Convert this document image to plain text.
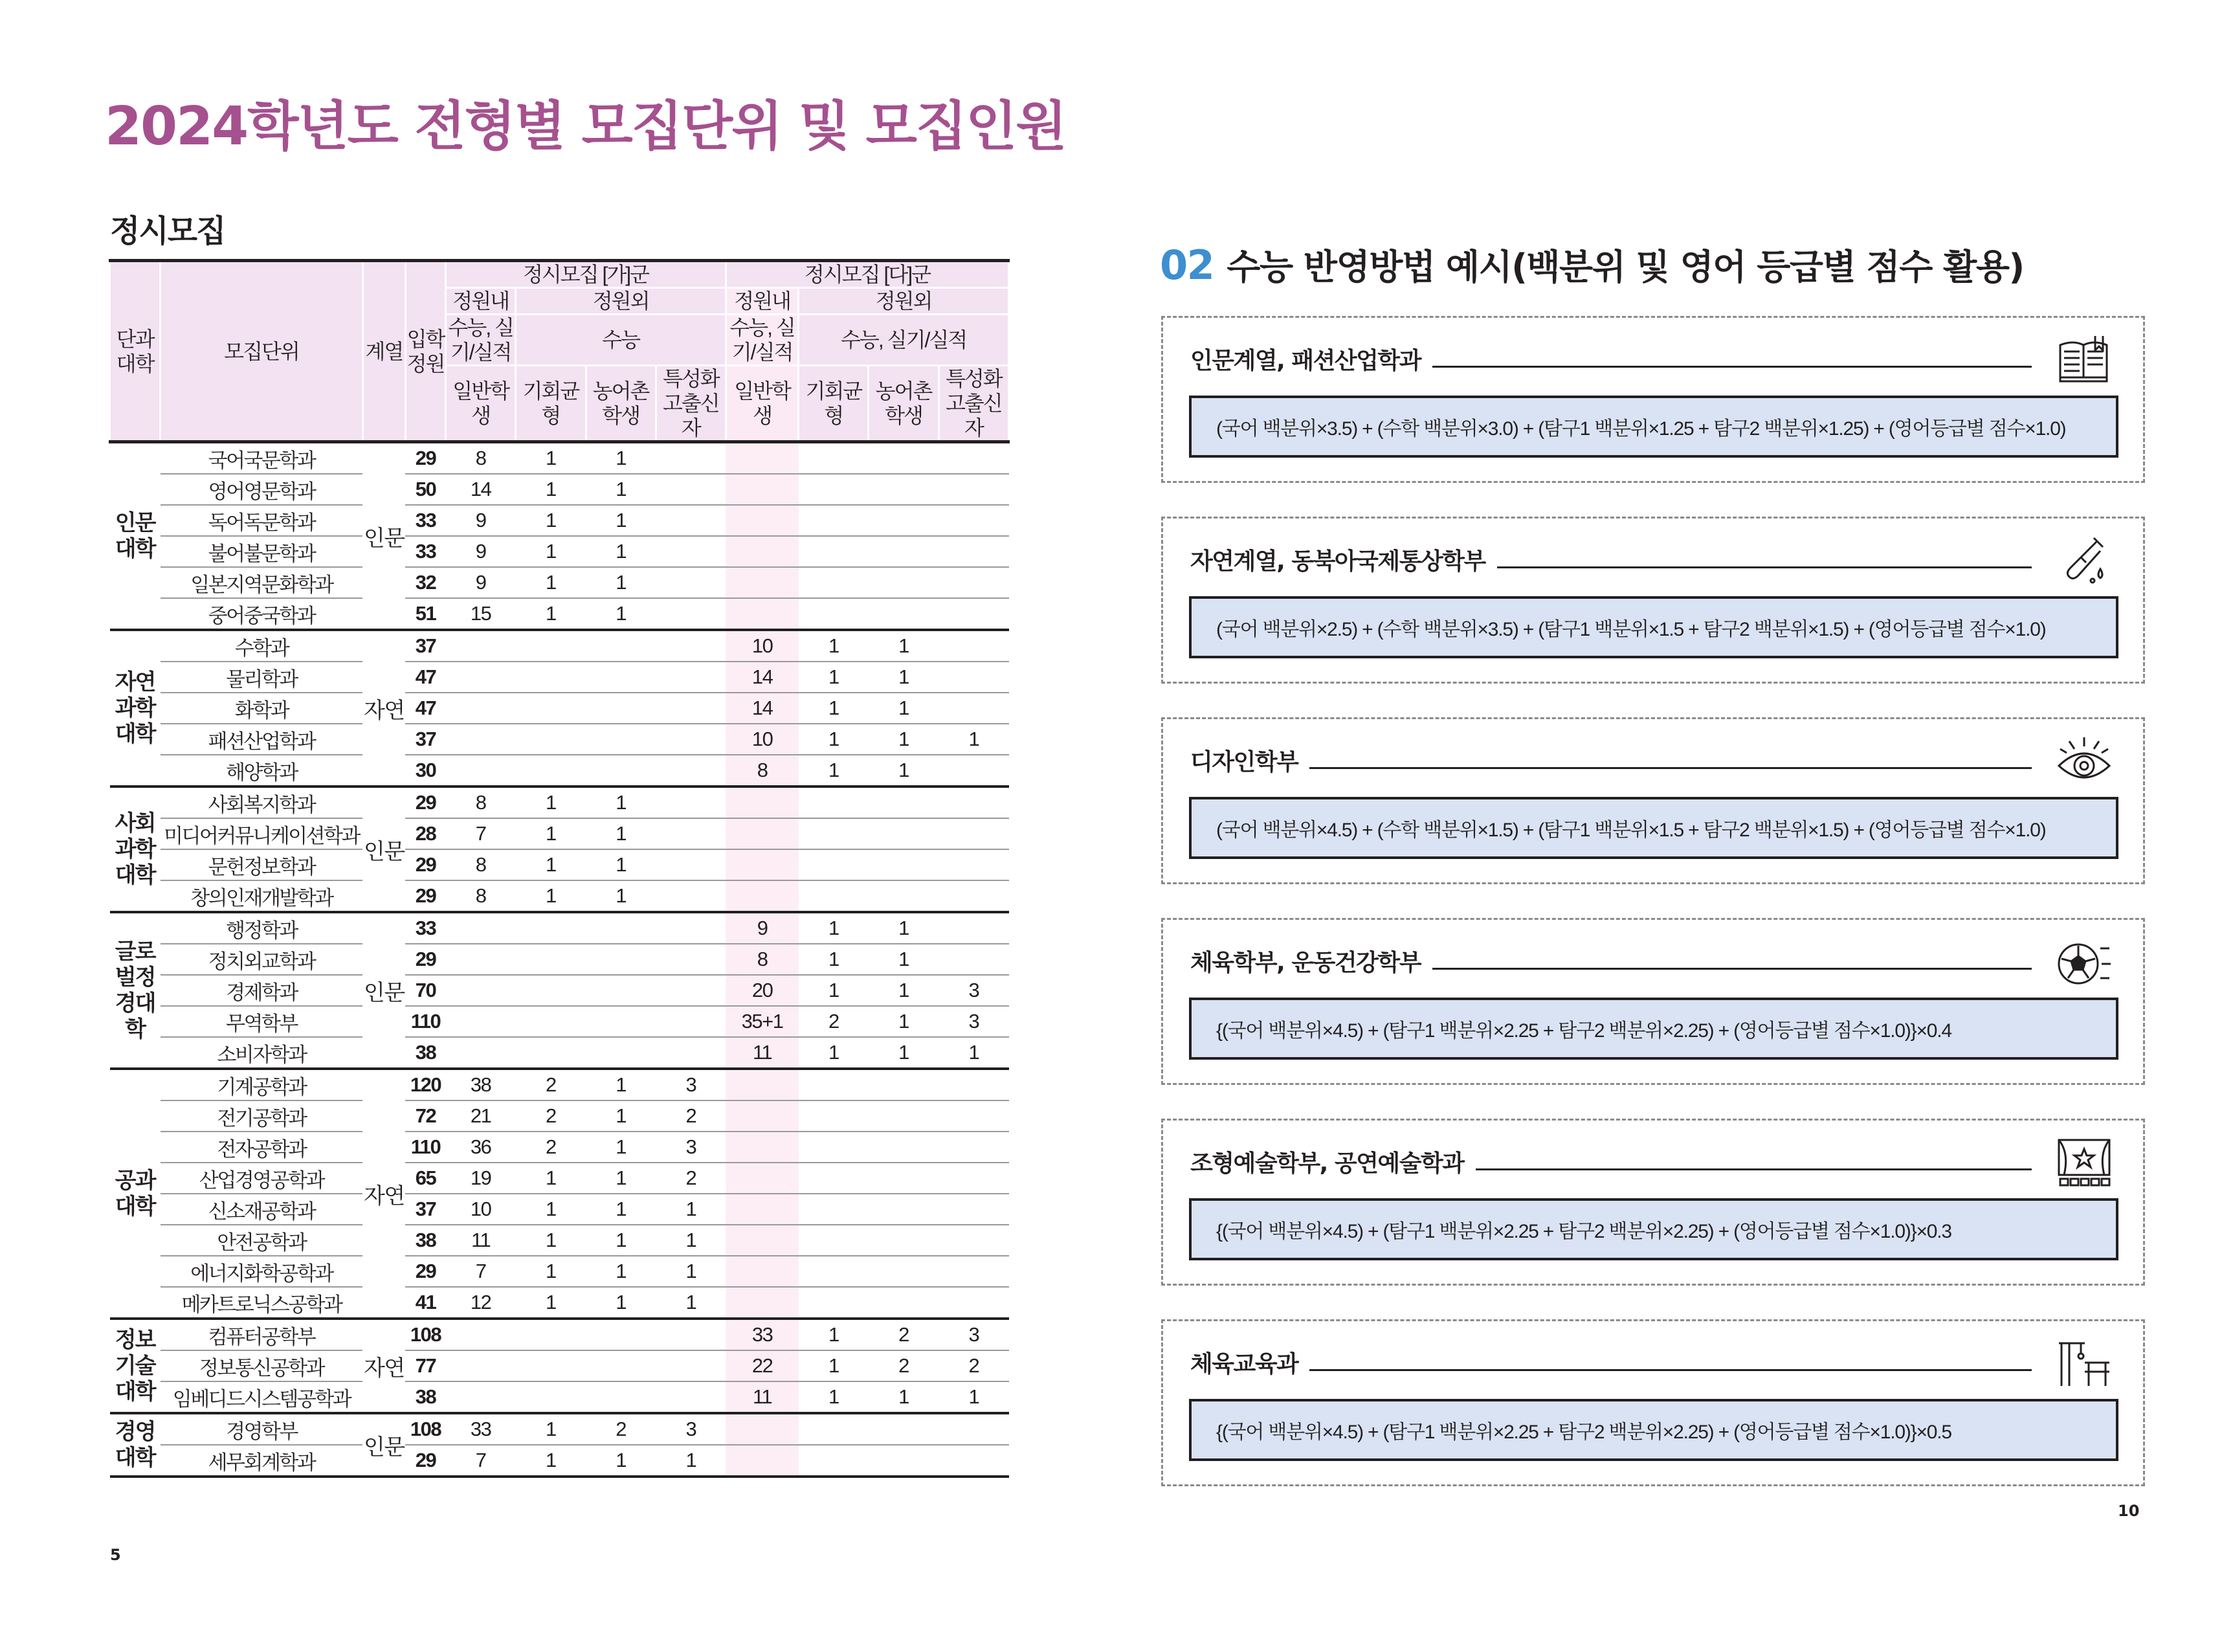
2024학년도 전형별 모집단위 및 모집인원
정시모집
단과대학	모집단위	계열	입학정원	정시모집 [가]군				정시모집 [다]군			
				정원내	정원외			정원내	정원외		
				수능, 실기/실적	수능			수능, 실기/실적	수능, 실기/실적		
				일반학생	기회균형	농어촌학생	특성화고출신자	일반학생	기회균형	농어촌학생	특성화고출신자
인문대학	국어국문학과	인문	29	8	1	1					
	영어영문학과		50	14	1	1					
	독어독문학과		33	9	1	1					
	불어불문학과		33	9	1	1					
	일본지역문화학과		32	9	1	1					
	중어중국학과		51	15	1	1					
자연과학대학	수학과	자연	37					10	1	1	
	물리학과		47					14	1	1	
	화학과		47					14	1	1	
	패션산업학과		37					10	1	1	1
	해양학과		30					8	1	1	
사회과학대학	사회복지학과	인문	29	8	1	1					
	미디어커뮤니케이션학과		28	7	1	1					
	문헌정보학과		29	8	1	1					
	창의인재개발학과		29	8	1	1					
글로벌정경대학	행정학과	인문	33					9	1	1	
	정치외교학과		29					8	1	1	
	경제학과		70					20	1	1	3
	무역학부		110					35+1	2	1	3
	소비자학과		38					11	1	1	1
공과대학	기계공학과	자연	120	38	2	1	3				
	전기공학과		72	21	2	1	2				
	전자공학과		110	36	2	1	3				
	산업경영공학과		65	19	1	1	2				
	신소재공학과		37	10	1	1	1				
	안전공학과		38	11	1	1	1				
	에너지화학공학과		29	7	1	1	1				
	메카트로닉스공학과		41	12	1	1	1				
정보기술대학	컴퓨터공학부	자연	108					33	1	2	3
	정보통신공학과		77					22	1	2	2
	임베디드시스템공학과		38					11	1	1	1
경영대학	경영학부	인문	108	33	1	2	3				
	세무회계학과		29	7	1	1	1				

5

02 수능 반영방법 예시(백분위 및 영어 등급별 점수 활용)
인문계열, 패션산업학과
(국어 백분위×3.5) + (수학 백분위×3.0) + (탐구1 백분위×1.25 + 탐구2 백분위×1.25) + (영어등급별 점수×1.0)
자연계열, 동북아국제통상학부
(국어 백분위×2.5) + (수학 백분위×3.5) + (탐구1 백분위×1.5 + 탐구2 백분위×1.5) + (영어등급별 점수×1.0)
디자인학부
(국어 백분위×4.5) + (수학 백분위×1.5) + (탐구1 백분위×1.5 + 탐구2 백분위×1.5) + (영어등급별 점수×1.0)
체육학부, 운동건강학부
{(국어 백분위×4.5) + (탐구1 백분위×2.25 + 탐구2 백분위×2.25) + (영어등급별 점수×1.0)}×0.4
조형예술학부, 공연예술학과
{(국어 백분위×4.5) + (탐구1 백분위×2.25 + 탐구2 백분위×2.25) + (영어등급별 점수×1.0)}×0.3
체육교육과
{(국어 백분위×4.5) + (탐구1 백분위×2.25 + 탐구2 백분위×2.25) + (영어등급별 점수×1.0)}×0.5

10
